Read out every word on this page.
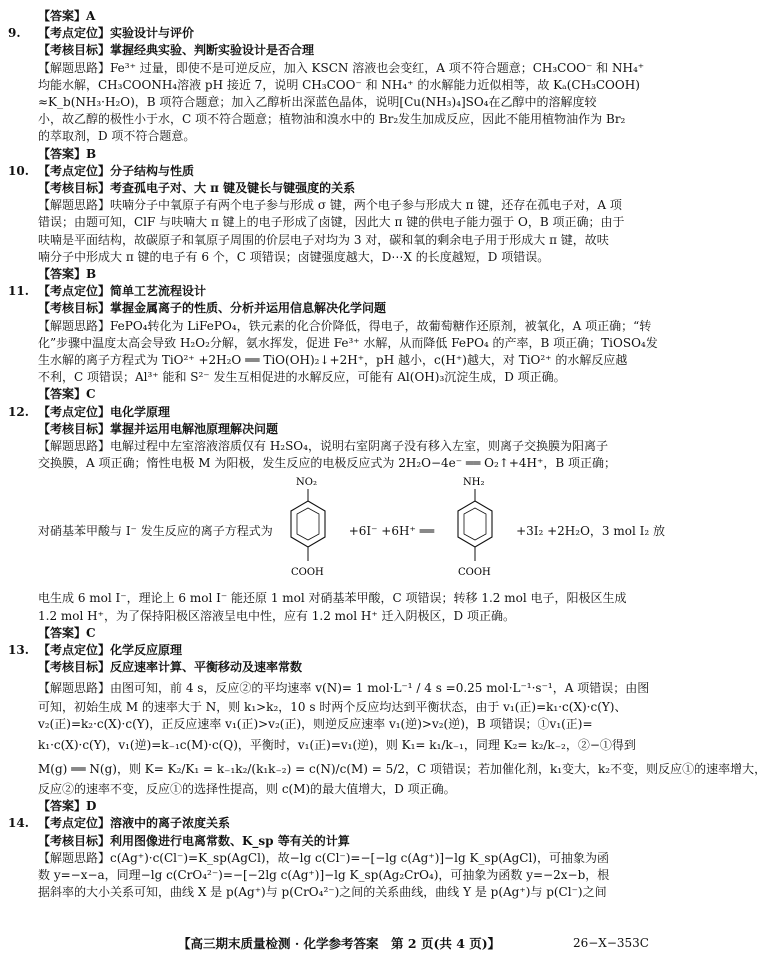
【答案】A
9. 【考点定位】实验设计与评价
【考核目标】掌握经典实验、判断实验设计是否合理
【解题思路】Fe³⁺ 过量，即使不是可逆反应，加入 KSCN 溶液也会变红，A 项不符合题意；CH₃COO⁻ 和 NH₄⁺
均能水解，CH₃COONH₄溶液 pH 接近 7，说明 CH₃COO⁻ 和 NH₄⁺ 的水解能力近似相等，故 Kₐ(CH₃COOH)
≈K_b(NH₃·H₂O)，B 项符合题意；加入乙醇析出深蓝色晶体，说明[Cu(NH₃)₄]SO₄在乙醇中的溶解度较
小，故乙醇的极性小于水，C 项不符合题意；植物油和溴水中的 Br₂发生加成反应，因此不能用植物油作为 Br₂
的萃取剂，D 项不符合题意。
【答案】B
10. 【考点定位】分子结构与性质
【考核目标】考查孤电子对、大 π 键及键长与键强度的关系
【解题思路】呋喃分子中氧原子有两个电子参与形成 σ 键，两个电子参与形成大 π 键，还存在孤电子对，A 项
错误；由题可知，ClF 与呋喃大 π 键上的电子形成了卤键，因此大 π 键的供电子能力强于 O，B 项正确；由于
呋喃是平面结构，故碳原子和氧原子周围的价层电子对均为 3 对，碳和氧的剩余电子用于形成大 π 键，故呋
喃分子中形成大 π 键的电子有 6 个，C 项错误；卤键强度越大，D⋯X 的长度越短，D 项错误。
【答案】B
11. 【考点定位】简单工艺流程设计
【考核目标】掌握金属离子的性质、分析并运用信息解决化学问题
【解题思路】FePO₄转化为 LiFePO₄，铁元素的化合价降低，得电子，故葡萄糖作还原剂，被氧化，A 项正确；“转
化”步骤中温度太高会导致 H₂O₂分解，氨水挥发，促进 Fe³⁺ 水解，从而降低 FePO₄ 的产率，B 项正确；TiOSO₄发
生水解的离子方程式为 TiO²⁺ +2H₂O ══ TiO(OH)₂↓+2H⁺，pH 越小，c(H⁺)越大，对 TiO²⁺ 的水解反应越
不利，C 项错误；Al³⁺ 能和 S²⁻ 发生互相促进的水解反应，可能有 Al(OH)₃沉淀生成，D 项正确。
【答案】C
12. 【考点定位】电化学原理
【考核目标】掌握并运用电解池原理解决问题
【解题思路】电解过程中左室溶液溶质仅有 H₂SO₄，说明右室阴离子没有移入左室，则离子交换膜为阳离子
交换膜，A 项正确；惰性电极 M 为阳极，发生反应的电极反应式为 2H₂O−4e⁻ ══ O₂↑+4H⁺，B 项正确；
对硝基苯甲酸与 I⁻ 发生反应的离子方程式为
NO₂
COOH
+6I⁻ +6H⁺ ══
NH₂
COOH
+3I₂ +2H₂O，3 mol I₂ 放
电生成 6 mol I⁻，理论上 6 mol I⁻ 能还原 1 mol 对硝基苯甲酸，C 项错误；转移 1.2 mol 电子，阳极区生成
1.2 mol H⁺，为了保持阳极区溶液呈电中性，应有 1.2 mol H⁺ 迁入阴极区，D 项正确。
【答案】C
13. 【考点定位】化学反应原理
【考核目标】反应速率计算、平衡移动及速率常数
【解题思路】由图可知，前 4 s，反应②的平均速率 v(N)= 1 mol·L⁻¹ / 4 s =0.25 mol·L⁻¹·s⁻¹，A 项错误；由图
可知，初始生成 M 的速率大于 N，则 k₁>k₂，10 s 时两个反应均达到平衡状态，由于 v₁(正)=k₁·c(X)·c(Y)、
v₂(正)=k₂·c(X)·c(Y)，正反应速率 v₁(正)>v₂(正)，则逆反应速率 v₁(逆)>v₂(逆)，B 项错误；①v₁(正)=
k₁·c(X)·c(Y)，v₁(逆)=k₋₁c(M)·c(Q)，平衡时，v₁(正)=v₁(逆)，则 K₁= k₁/k₋₁，同理 K₂= k₂/k₋₂，②−①得到
M(g) ══ N(g)，则 K= K₂/K₁ = k₋₁k₂/(k₁k₋₂) = c(N)/c(M) = 5/2，C 项错误；若加催化剂，k₁变大，k₂不变，则反应①的速率增大，
反应②的速率不变，反应①的选择性提高，则 c(M)的最大值增大，D 项正确。
【答案】D
14. 【考点定位】溶液中的离子浓度关系
【考核目标】利用图像进行电离常数、K_sp 等有关的计算
【解题思路】c(Ag⁺)·c(Cl⁻)=K_sp(AgCl)，故−lg c(Cl⁻)=−[−lg c(Ag⁺)]−lg K_sp(AgCl)，可抽象为函
数 y=−x−a，同理−lg c(CrO₄²⁻)=−[−2lg c(Ag⁺)]−lg K_sp(Ag₂CrO₄)，可抽象为函数 y=−2x−b，根
据斜率的大小关系可知，曲线 X 是 p(Ag⁺)与 p(CrO₄²⁻)之间的关系曲线，曲线 Y 是 p(Ag⁺)与 p(Cl⁻)之间
【高三期末质量检测 · 化学参考答案　第 2 页(共 4 页)】	26−X−353C
